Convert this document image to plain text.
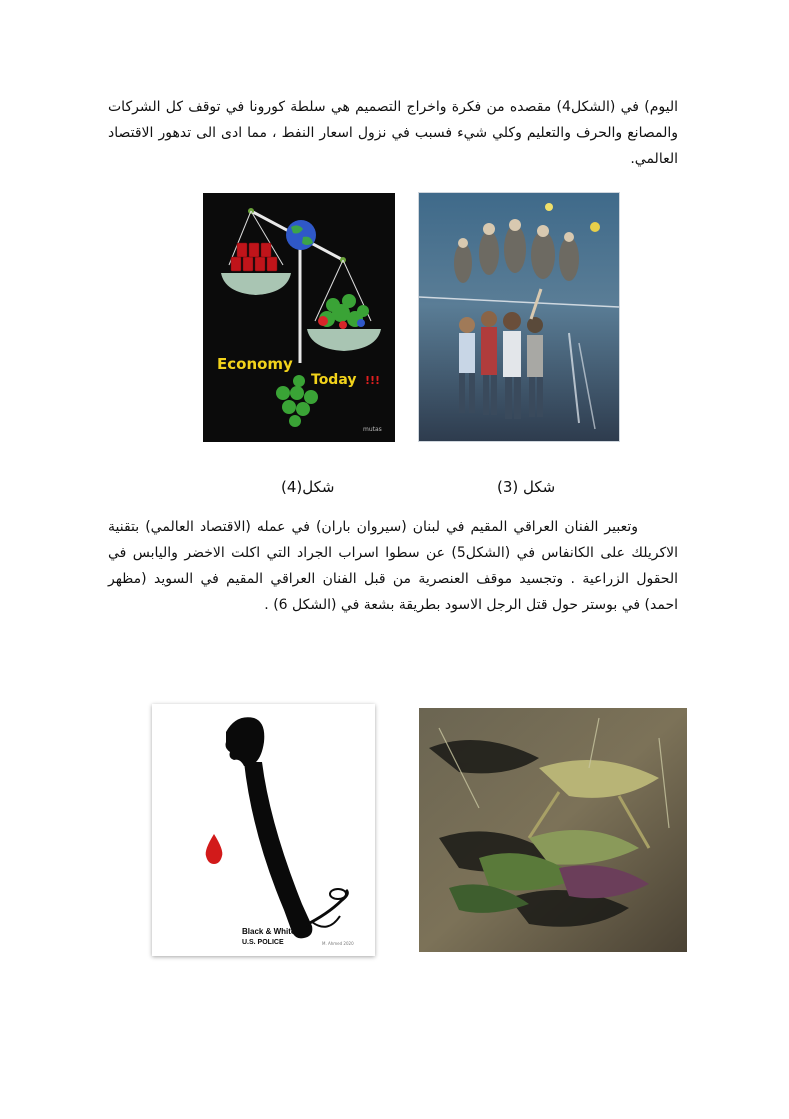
اليوم) في (الشكل4) مقصده من فكرة واخراج التصميم هي سلطة كورونا في توقف كل الشركات والمصانع والحرف والتعليم وكلي شيء فسبب في نزول اسعار النفط ، مما ادى الى تدهور الاقتصاد العالمي.
Economy
Today !!!
mutas
شكل (3)
شكل(4)
وتعبير الفنان العراقي المقيم في لبنان (سيروان باران) في عمله (الاقتصاد العالمي) بتقنية الاكريلك على الكانفاس في (الشكل5) عن سطوا اسراب الجراد التي اكلت الاخضر واليابس في الحقول الزراعية . وتجسيد موقف العنصرية من قبل الفنان العراقي المقيم في السويد (مظهر احمد) في بوستر حول قتل الرجل الاسود بطريقة بشعة في (الشكل 6) .
Black & White
U.S. POLICE	M. Ahmed 2020
